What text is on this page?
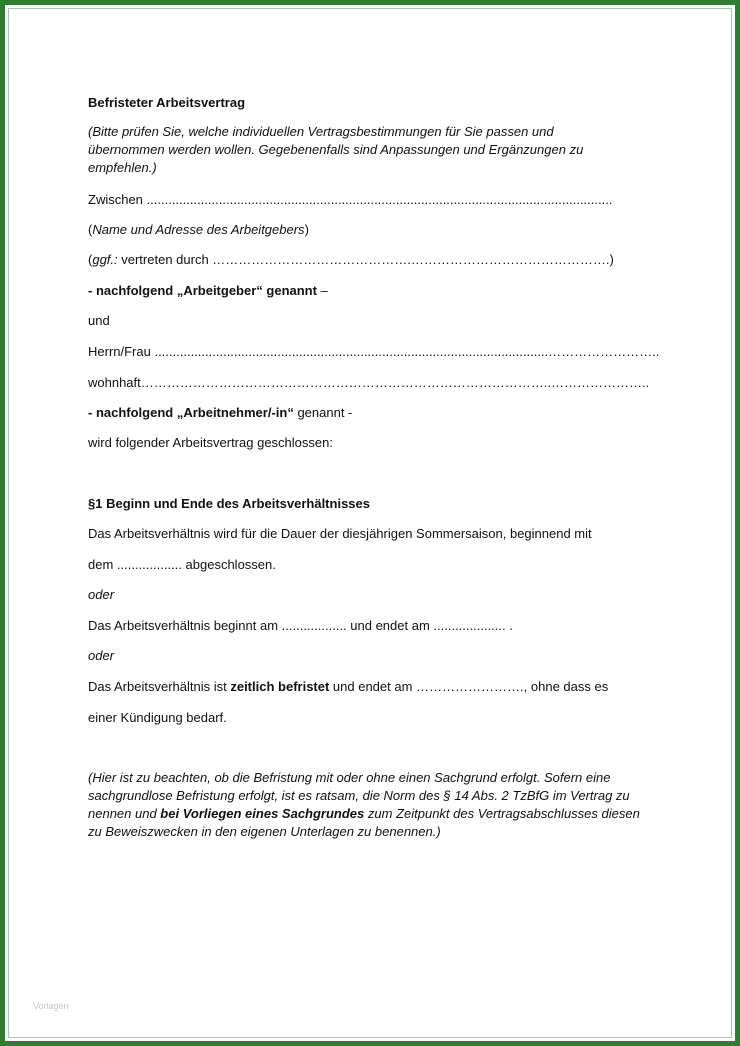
Befristeter Arbeitsvertrag

(Bitte prüfen Sie, welche individuellen Vertragsbestimmungen für Sie passen und übernommen werden wollen. Gegebenenfalls sind Anpassungen und Ergänzungen zu empfehlen.)

Zwischen .................................................................................................................................

(Name und Adresse des Arbeitgebers)

(ggf.: vertreten durch ……………………………………….……………………………………….)

- nachfolgend „Arbeitgeber“ genannt –

und

Herrn/Frau .............................................................................................................……………………..

wohnhaft…………………………………………………………………………………..…………………..

- nachfolgend „Arbeitnehmer/-in“ genannt -

wird folgender Arbeitsvertrag geschlossen:

§1 Beginn und Ende des Arbeitsverhältnisses

Das Arbeitsverhältnis wird für die Dauer der diesjährigen Sommersaison, beginnend mit

dem .................. abgeschlossen.

oder

Das Arbeitsverhältnis beginnt am .................. und endet am .................... .

oder

Das Arbeitsverhältnis ist zeitlich befristet und endet am ……………………., ohne dass es

einer Kündigung bedarf.

(Hier ist zu beachten, ob die Befristung mit oder ohne einen Sachgrund erfolgt. Sofern eine sachgrundlose Befristung erfolgt, ist es ratsam, die Norm des § 14 Abs. 2 TzBfG im Vertrag zu nennen und bei Vorliegen eines Sachgrundes zum Zeitpunkt des Vertragsabschlusses diesen zu Beweiszwecken in den eigenen Unterlagen zu benennen.)

Vorlagen
